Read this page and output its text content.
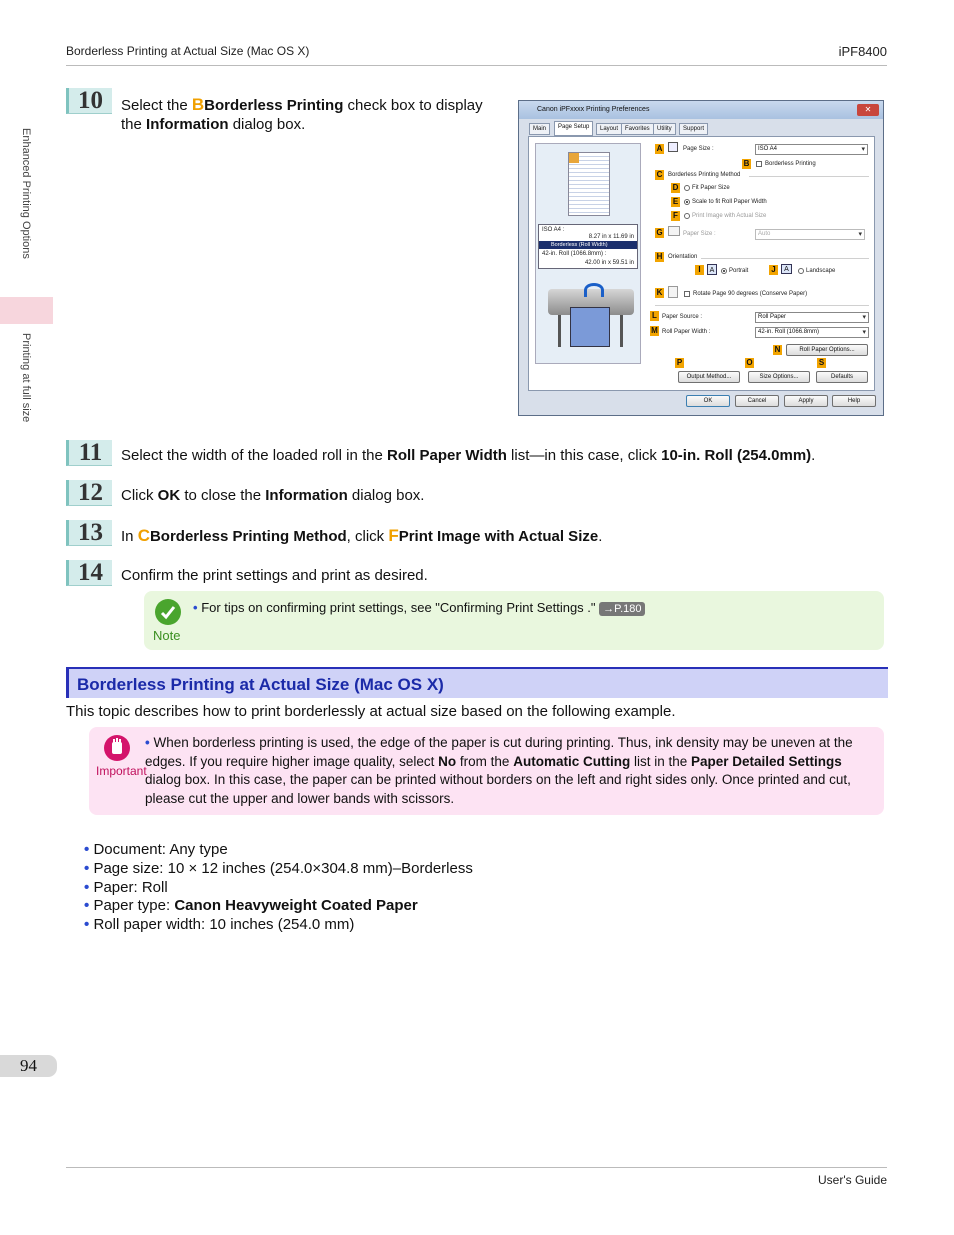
Borderless Printing at Actual Size (Mac OS X)	iPF8400
Enhanced Printing Options
Printing at full size
10	Select the BBorderless Printing check box to display the Information dialog box.
Canon iPFxxxx Printing Preferences	✕
Main	Page Setup	Layout	Favorites	Utility	Support
ISO A4 :
8.27 in x 11.69 in
Borderless (Roll Width)
42-in. Roll (1066.8mm) :
42.00 in x 59.51 in
A	Page Size :	ISO A4 ▾
B	Borderless Printing
C Borderless Printing Method
D Fit Paper Size
E	Scale to fit Roll Paper Width
F	Print Image with Actual Size
G	Paper Size :	Auto ▾
H Orientation
I	A	Portrait	J	A	Landscape
K	Rotate Page 90 degrees (Conserve Paper)
L Paper Source :	Roll Paper ▾
M Roll Paper Width :	42-in. Roll (1066.8mm) ▾
N	Roll Paper Options...
P	O	S
Output Method...	Size Options...	Defaults
OK	Cancel	Apply	Help
11	Select the width of the loaded roll in the Roll Paper Width list—in this case, click 10-in. Roll (254.0mm).
12	Click OK to close the Information dialog box.
13	In CBorderless Printing Method, click FPrint Image with Actual Size.
14	Confirm the print settings and print as desired.
Note
• For tips on confirming print settings, see "Confirming Print Settings ." →P.180
Borderless Printing at Actual Size (Mac OS X)
This topic describes how to print borderlessly at actual size based on the following example.
Important
• When borderless printing is used, the edge of the paper is cut during printing. Thus, ink density may be uneven at the edges. If you require higher image quality, select No from the Automatic Cutting list in the Paper Detailed Settings dialog box. In this case, the paper can be printed without borders on the left and right sides only. Once printed and cut, please cut the upper and lower bands with scissors.
• Document: Any type
• Page size: 10 × 12 inches (254.0×304.8 mm)–Borderless
• Paper: Roll
• Paper type: Canon Heavyweight Coated Paper
• Roll paper width: 10 inches (254.0 mm)
94
User's Guide
